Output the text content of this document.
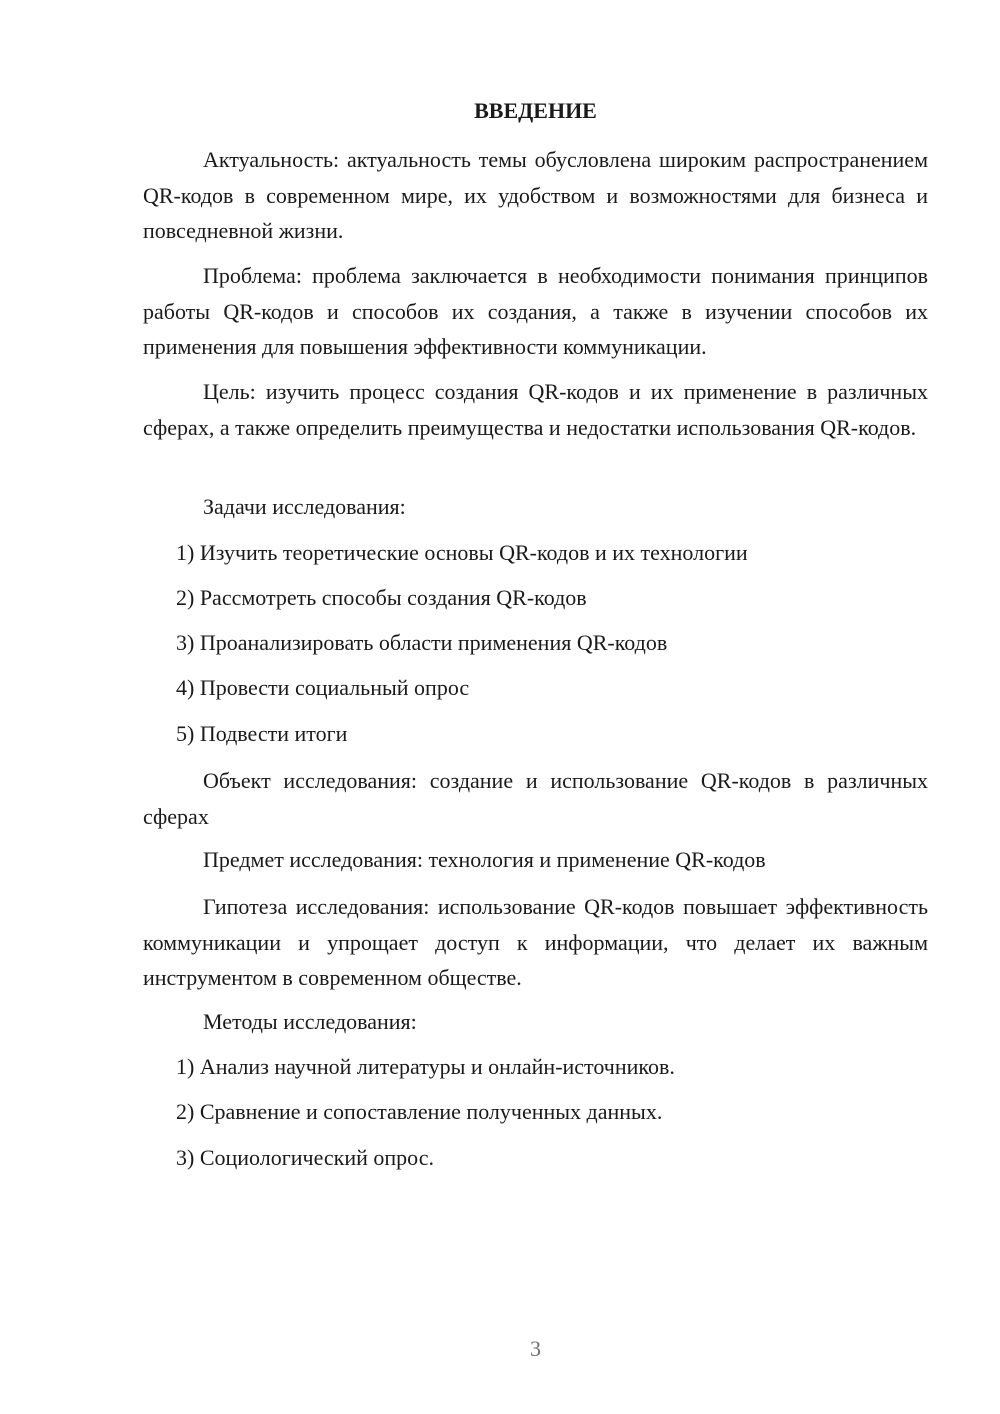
ВВЕДЕНИЕ

Актуальность: актуальность темы обусловлена широким распространением QR-кодов в современном мире, их удобством и возможностями для бизнеса и повседневной жизни.

Проблема: проблема заключается в необходимости понимания принципов работы QR-кодов и способов их создания, а также в изучении способов их применения для повышения эффективности коммуникации.

Цель: изучить процесс создания QR-кодов и их применение в различных сферах, а также определить преимущества и недостатки использования QR-кодов.

Задачи исследования:

1) Изучить теоретические основы QR-кодов и их технологии

2) Рассмотреть способы создания QR-кодов

3) Проанализировать области применения QR-кодов

4) Провести социальный опрос

5) Подвести итоги

Объект исследования: создание и использование QR-кодов в различных сферах

Предмет исследования: технология и применение QR-кодов

Гипотеза исследования: использование QR-кодов повышает эффективность коммуникации и упрощает доступ к информации, что делает их важным инструментом в современном обществе.

Методы исследования:

1) Анализ научной литературы и онлайн-источников.

2) Сравнение и сопоставление полученных данных.

3) Социологический опрос.

3
